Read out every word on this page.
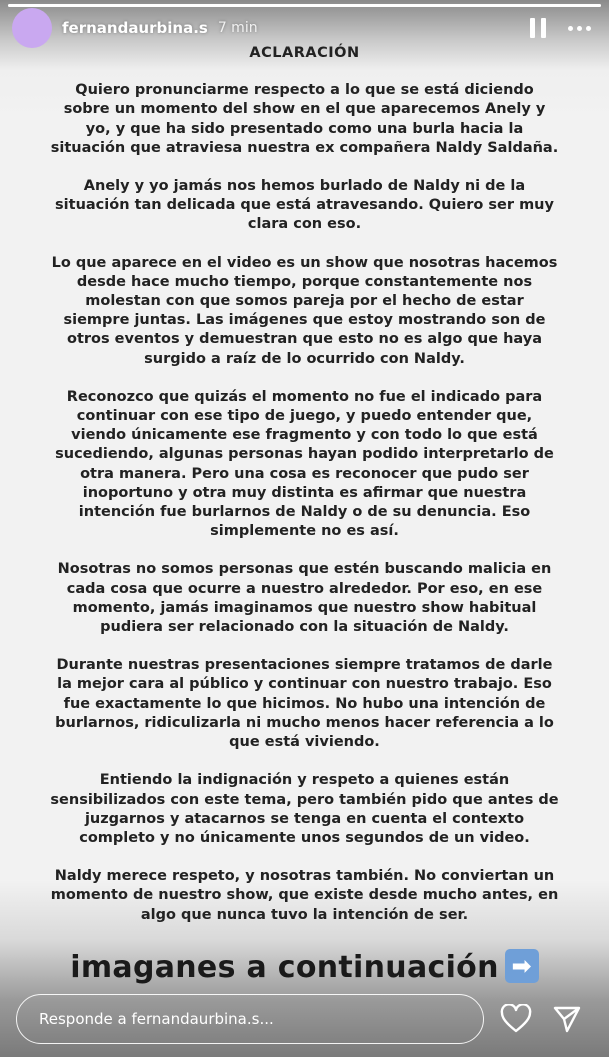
fernandaurbina.s 7 min
ACLARACIÓN
Quiero pronunciarme respecto a lo que se está diciendo sobre un momento del show en el que aparecemos Anely y yo, y que ha sido presentado como una burla hacia la situación que atraviesa nuestra ex compañera Naldy Saldaña.
Anely y yo jamás nos hemos burlado de Naldy ni de la situación tan delicada que está atravesando. Quiero ser muy clara con eso.
Lo que aparece en el video es un show que nosotras hacemos desde hace mucho tiempo, porque constantemente nos molestan con que somos pareja por el hecho de estar siempre juntas. Las imágenes que estoy mostrando son de otros eventos y demuestran que esto no es algo que haya surgido a raíz de lo ocurrido con Naldy.
Reconozco que quizás el momento no fue el indicado para continuar con ese tipo de juego, y puedo entender que, viendo únicamente ese fragmento y con todo lo que está sucediendo, algunas personas hayan podido interpretarlo de otra manera. Pero una cosa es reconocer que pudo ser inoportuno y otra muy distinta es afirmar que nuestra intención fue burlarnos de Naldy o de su denuncia. Eso simplemente no es así.
Nosotras no somos personas que estén buscando malicia en cada cosa que ocurre a nuestro alrededor. Por eso, en ese momento, jamás imaginamos que nuestro show habitual pudiera ser relacionado con la situación de Naldy.
Durante nuestras presentaciones siempre tratamos de darle la mejor cara al público y continuar con nuestro trabajo. Eso fue exactamente lo que hicimos. No hubo una intención de burlarnos, ridiculizarla ni mucho menos hacer referencia a lo que está viviendo.
Entiendo la indignación y respeto a quienes están sensibilizados con este tema, pero también pido que antes de juzgarnos y atacarnos se tenga en cuenta el contexto completo y no únicamente unos segundos de un video.
Naldy merece respeto, y nosotras también. No conviertan un momento de nuestro show, que existe desde mucho antes, en algo que nunca tuvo la intención de ser.
imaganes a continuación ➡
Responde a fernandaurbina.s...
